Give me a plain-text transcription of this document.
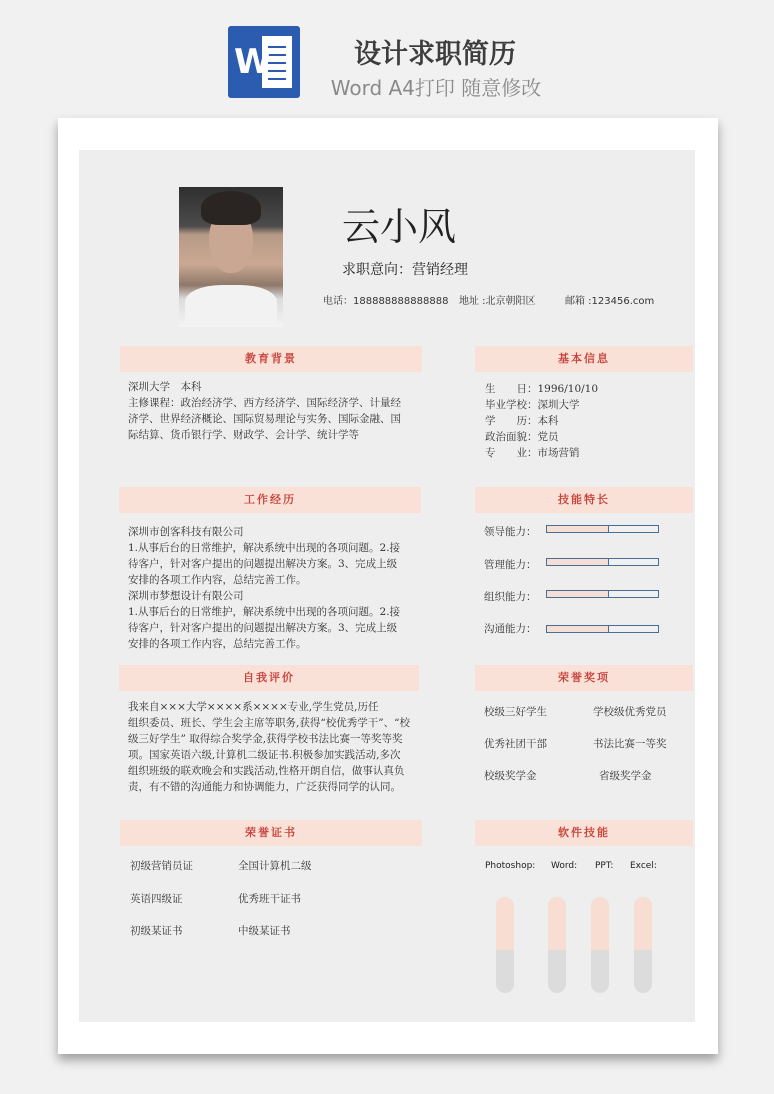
W	设计求职简历
Word A4打印 随意修改
云小风
求职意向：营销经理
电话：188888888888888 地址 :北京朝阳区	邮箱 :123456.com
教育背景
深圳大学　本科
主修课程：政治经济学、西方经济学、国际经济学、计量经
济学、世界经济概论、国际贸易理论与实务、国际金融、国
际结算、货币银行学、财政学、会计学、统计学等
基本信息
生　　日：1996/10/10
毕业学校：深圳大学
学　　历：本科
政治面貌：党员
专　　业：市场营销
工作经历
深圳市创客科技有限公司
1.从事后台的日常维护，解决系统中出现的各项问题。2.接
待客户，针对客户提出的问题提出解决方案。3、完成上级
安排的各项工作内容，总结完善工作。
深圳市梦想设计有限公司
1.从事后台的日常维护，解决系统中出现的各项问题。2.接
待客户，针对客户提出的问题提出解决方案。3、完成上级
安排的各项工作内容，总结完善工作。
技能特长
领导能力：
管理能力：
组织能力：
沟通能力：
自我评价
我来自×××大学××××系××××专业,学生党员,历任
组织委员、班长、学生会主席等职务,获得“校优秀学干”、“校
级三好学生” 取得综合奖学金,获得学校书法比赛一等奖等奖
项。国家英语六级,计算机二级证书.积极参加实践活动,多次
组织班级的联欢晚会和实践活动,性格开朗自信，做事认真负
责，有不错的沟通能力和协调能力，广泛获得同学的认同。
荣誉奖项
校级三好学生	学校级优秀党员
优秀社团干部	书法比赛一等奖
校级奖学金	省级奖学金
荣誉证书
初级营销员证	全国计算机二级
英语四级证	优秀班干证书
初级某证书	中级某证书
软件技能
Photoshop: Word: PPT: Excel:
